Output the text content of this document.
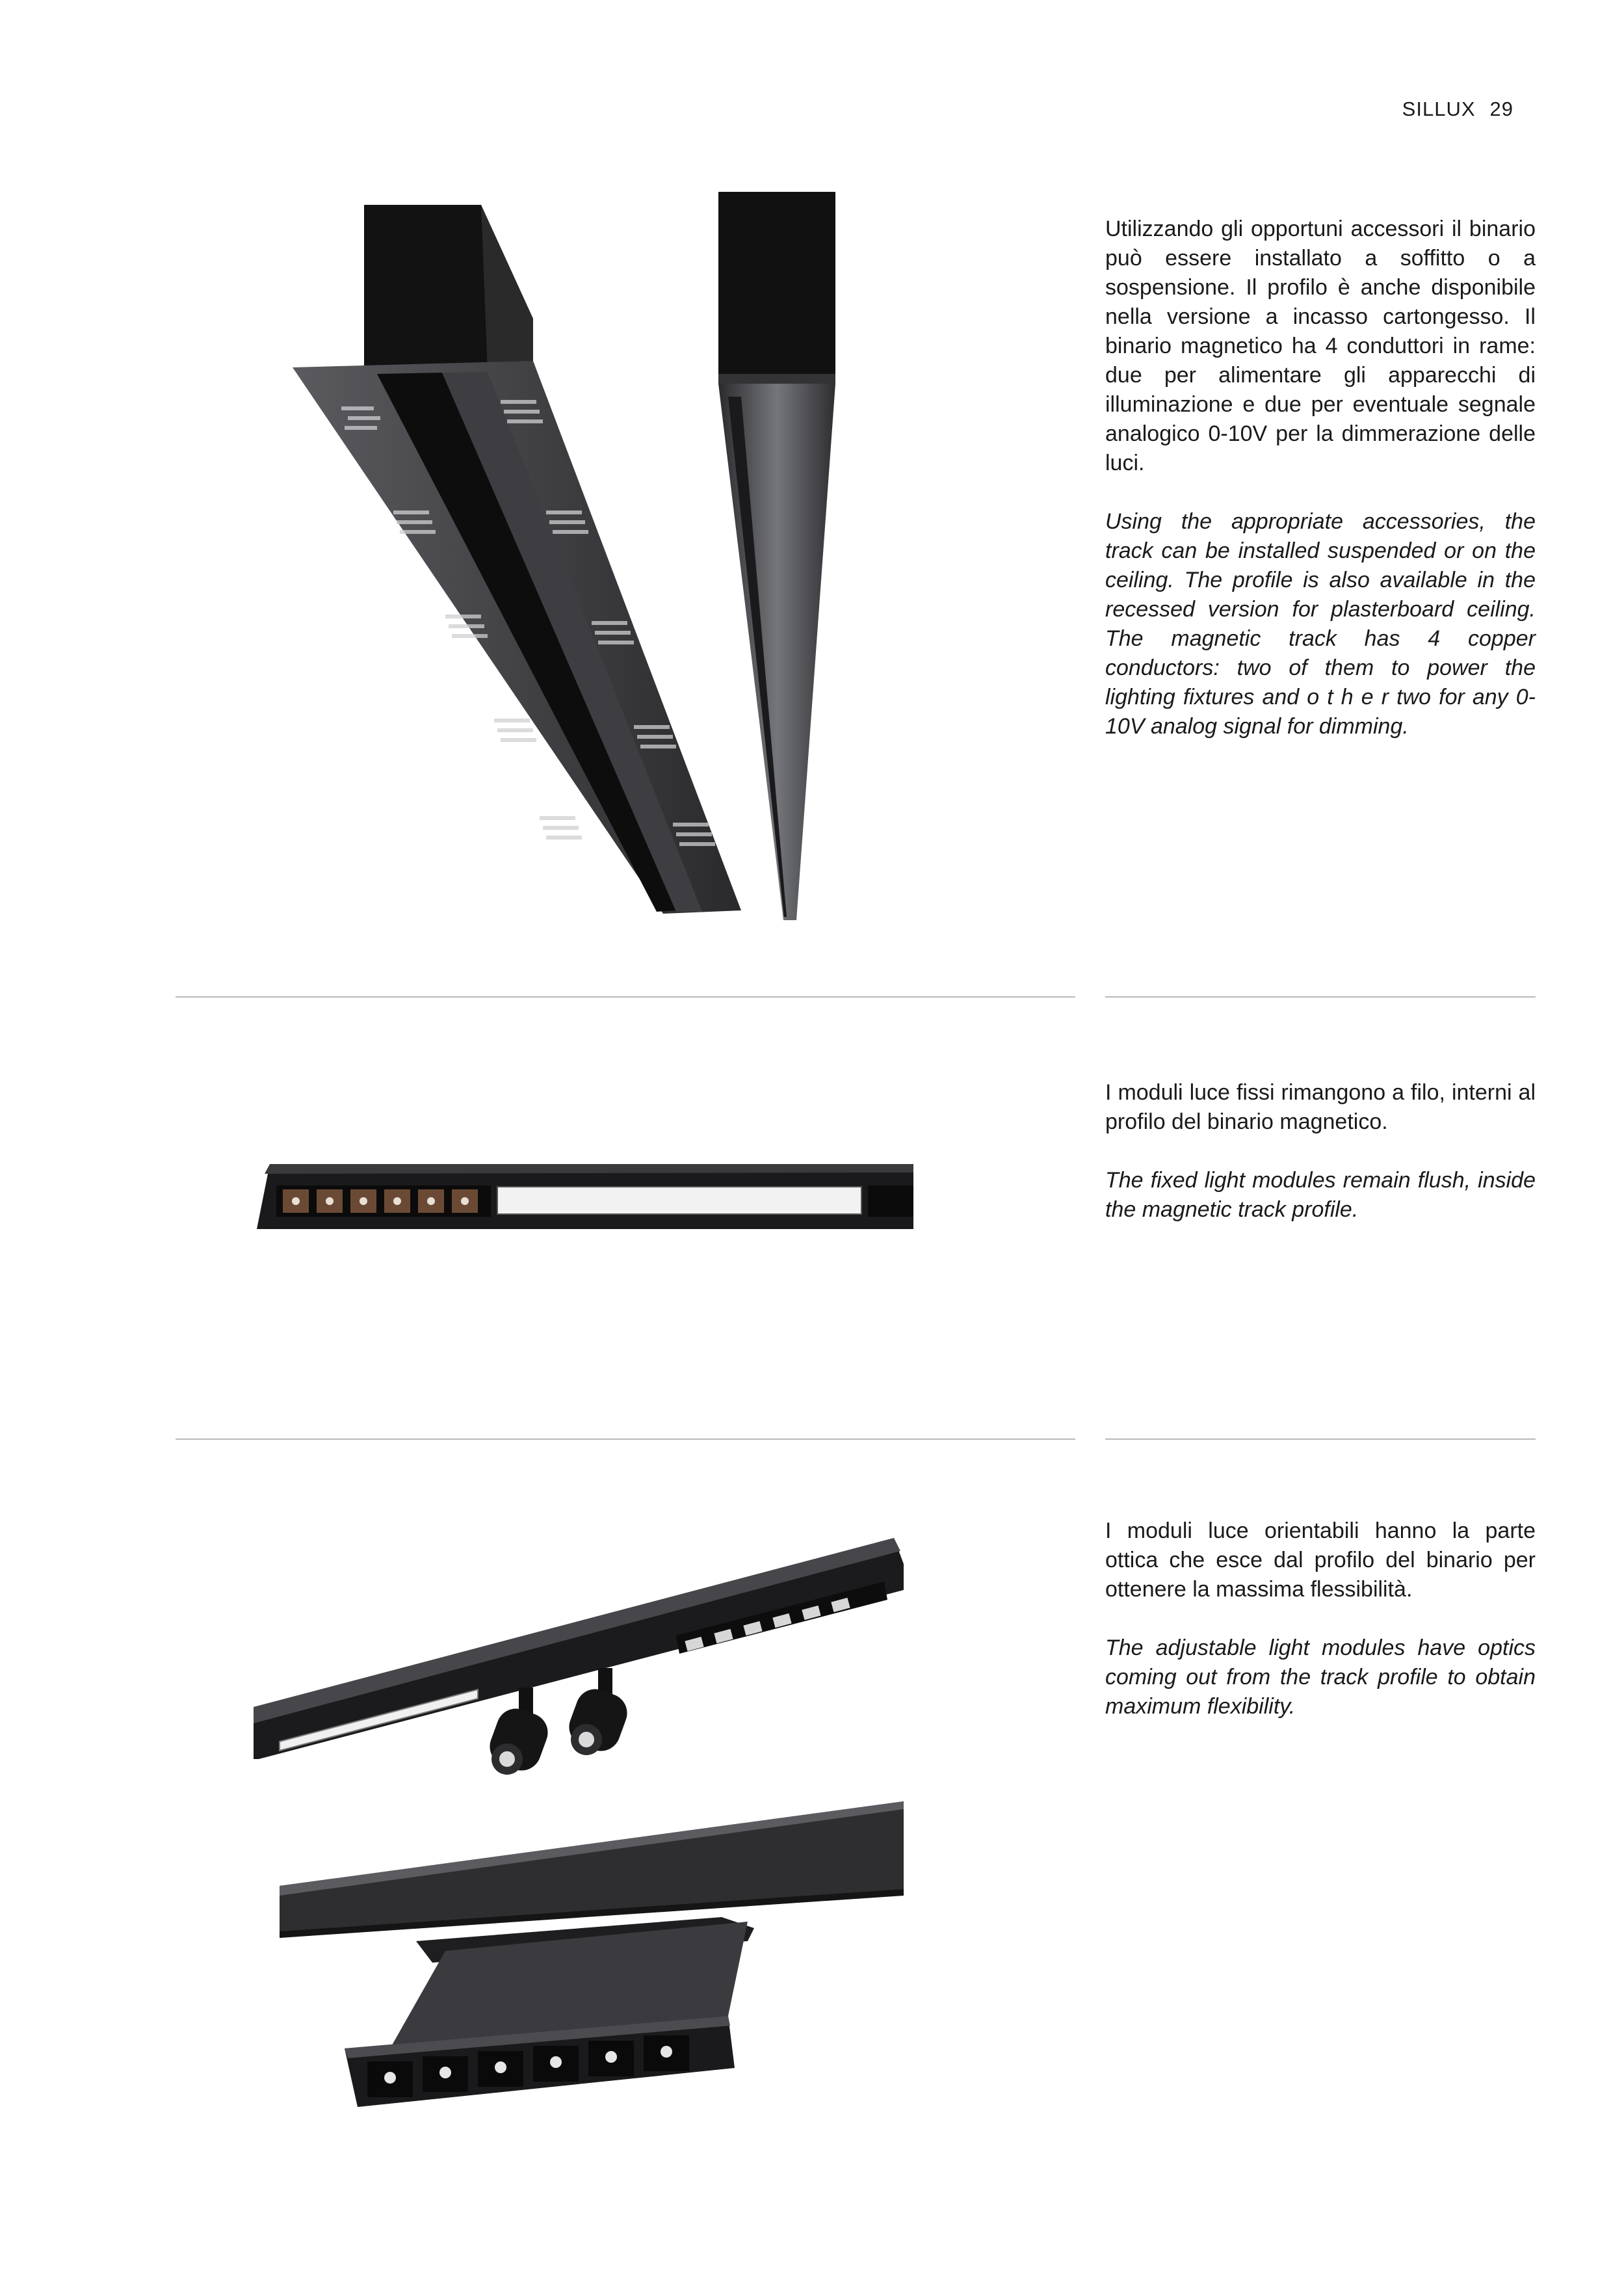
SILLUX 29

Utilizzando gli opportuni accessori il binario può essere installato a soffitto o a sospensione. Il profilo è anche disponibile nella versione a incasso cartongesso. Il binario magnetico ha 4 conduttori in rame: due per alimentare gli apparecchi di illuminazione e due per eventuale segnale analogico 0-10V per la dimmerazione delle luci.

Using the appropriate accessories, the track can be installed suspended or on the ceiling. The profile is also available in the recessed version for plasterboard ceiling. The magnetic track has 4 copper conductors: two of them to power the lighting fixtures and o t h e r two for any 0-10V analog signal for dimming.

I moduli luce fissi rimangono a filo, interni al profilo del binario magnetico.

The fixed light modules remain flush, inside the magnetic track profile.

I moduli luce orientabili hanno la parte ottica che esce dal profilo del binario per ottenere la massima flessibilità.

The adjustable light modules have optics coming out from the track profile to obtain maximum flexibility.
